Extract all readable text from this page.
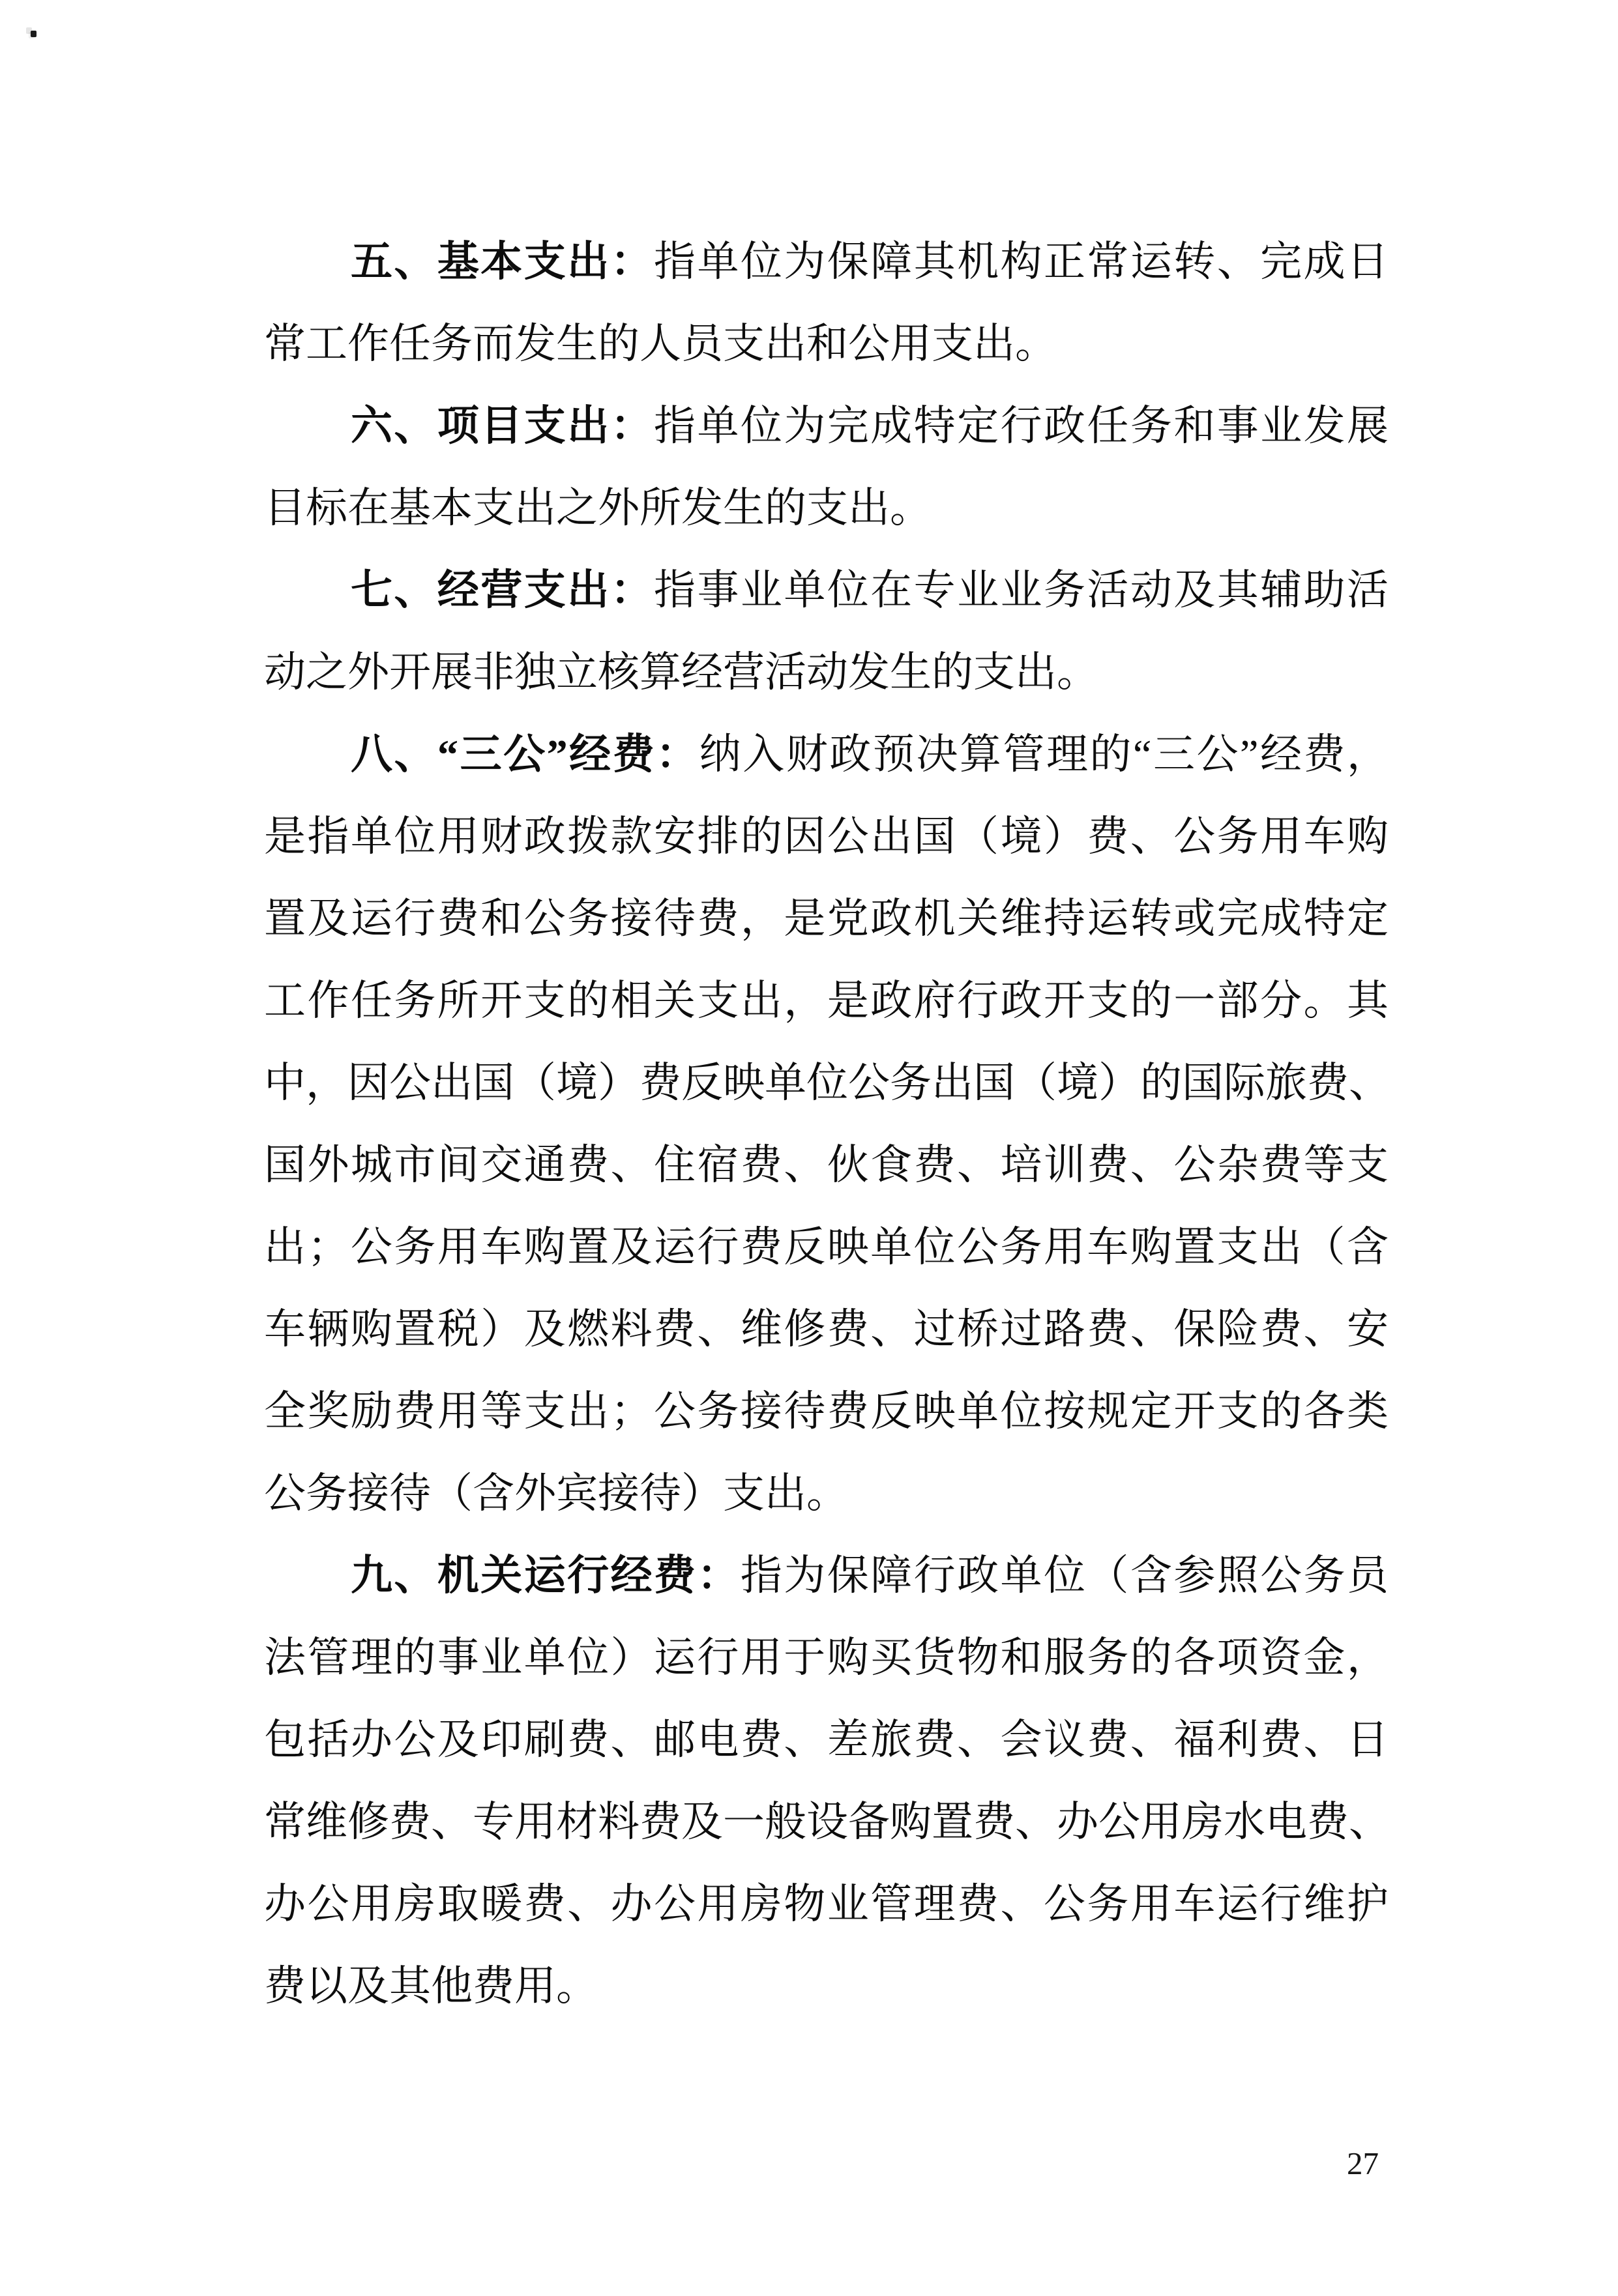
五、基本支出：指单位为保障其机构正常运转、完成日

常工作任务而发生的人员支出和公用支出。

六、项目支出：指单位为完成特定行政任务和事业发展

目标在基本支出之外所发生的支出。

七、经营支出：指事业单位在专业业务活动及其辅助活

动之外开展非独立核算经营活动发生的支出。

八、“三公”经费：纳入财政预决算管理的“三公”经费，

是指单位用财政拨款安排的因公出国（境）费、公务用车购

置及运行费和公务接待费，是党政机关维持运转或完成特定

工作任务所开支的相关支出，是政府行政开支的一部分。其

中，因公出国（境）费反映单位公务出国（境）的国际旅费、

国外城市间交通费、住宿费、伙食费、培训费、公杂费等支

出；公务用车购置及运行费反映单位公务用车购置支出（含

车辆购置税）及燃料费、维修费、过桥过路费、保险费、安

全奖励费用等支出；公务接待费反映单位按规定开支的各类

公务接待（含外宾接待）支出。

九、机关运行经费：指为保障行政单位（含参照公务员

法管理的事业单位）运行用于购买货物和服务的各项资金，

包括办公及印刷费、邮电费、差旅费、会议费、福利费、日

常维修费、专用材料费及一般设备购置费、办公用房水电费、

办公用房取暖费、办公用房物业管理费、公务用车运行维护

费以及其他费用。

27
